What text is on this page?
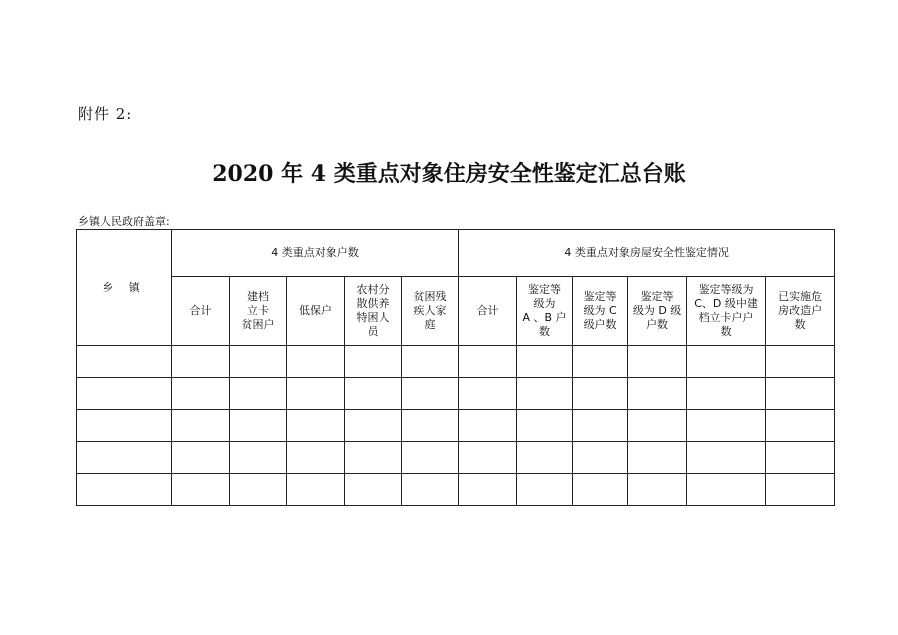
附件 2:
2020 年 4 类重点对象住房安全性鉴定汇总台账
乡镇人民政府盖章:
乡 镇	4 类重点对象户数					4 类重点对象房屋安全性鉴定情况					
	合计	建档
立卡
贫困户	低保户	农村分
散供养
特困人
员	贫困残
疾人家
庭	合计	鉴定等
级为
A 、B 户
数	鉴定等
级为 C
级户数	鉴定等
级为 D 级
户数	鉴定等级为
C、D 级中建
档立卡户户
数	已实施危
房改造户
数
